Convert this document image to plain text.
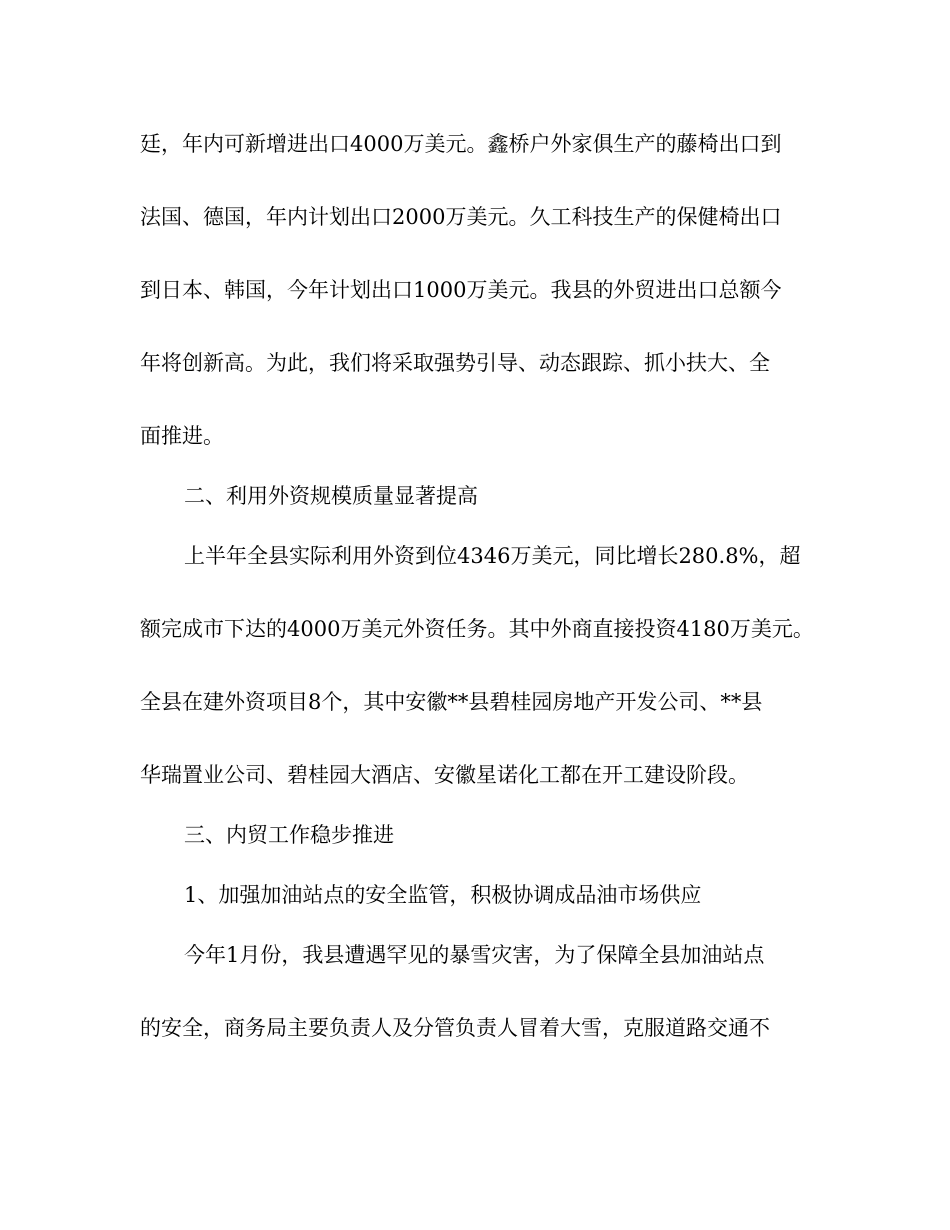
廷，年内可新增进出口4000万美元。鑫桥户外家俱生产的藤椅出口到

法国、德国，年内计划出口2000万美元。久工科技生产的保健椅出口

到日本、韩国，今年计划出口1000万美元。我县的外贸进出口总额今

年将创新高。为此，我们将采取强势引导、动态跟踪、抓小扶大、全

面推进。

二、利用外资规模质量显著提高

上半年全县实际利用外资到位4346万美元，同比增长280.8%，超

额完成市下达的4000万美元外资任务。其中外商直接投资4180万美元。

全县在建外资项目8个，其中安徽**县碧桂园房地产开发公司、**县

华瑞置业公司、碧桂园大酒店、安徽星诺化工都在开工建设阶段。

三、内贸工作稳步推进

1、加强加油站点的安全监管，积极协调成品油市场供应

今年1月份，我县遭遇罕见的暴雪灾害，为了保障全县加油站点

的安全，商务局主要负责人及分管负责人冒着大雪，克服道路交通不
